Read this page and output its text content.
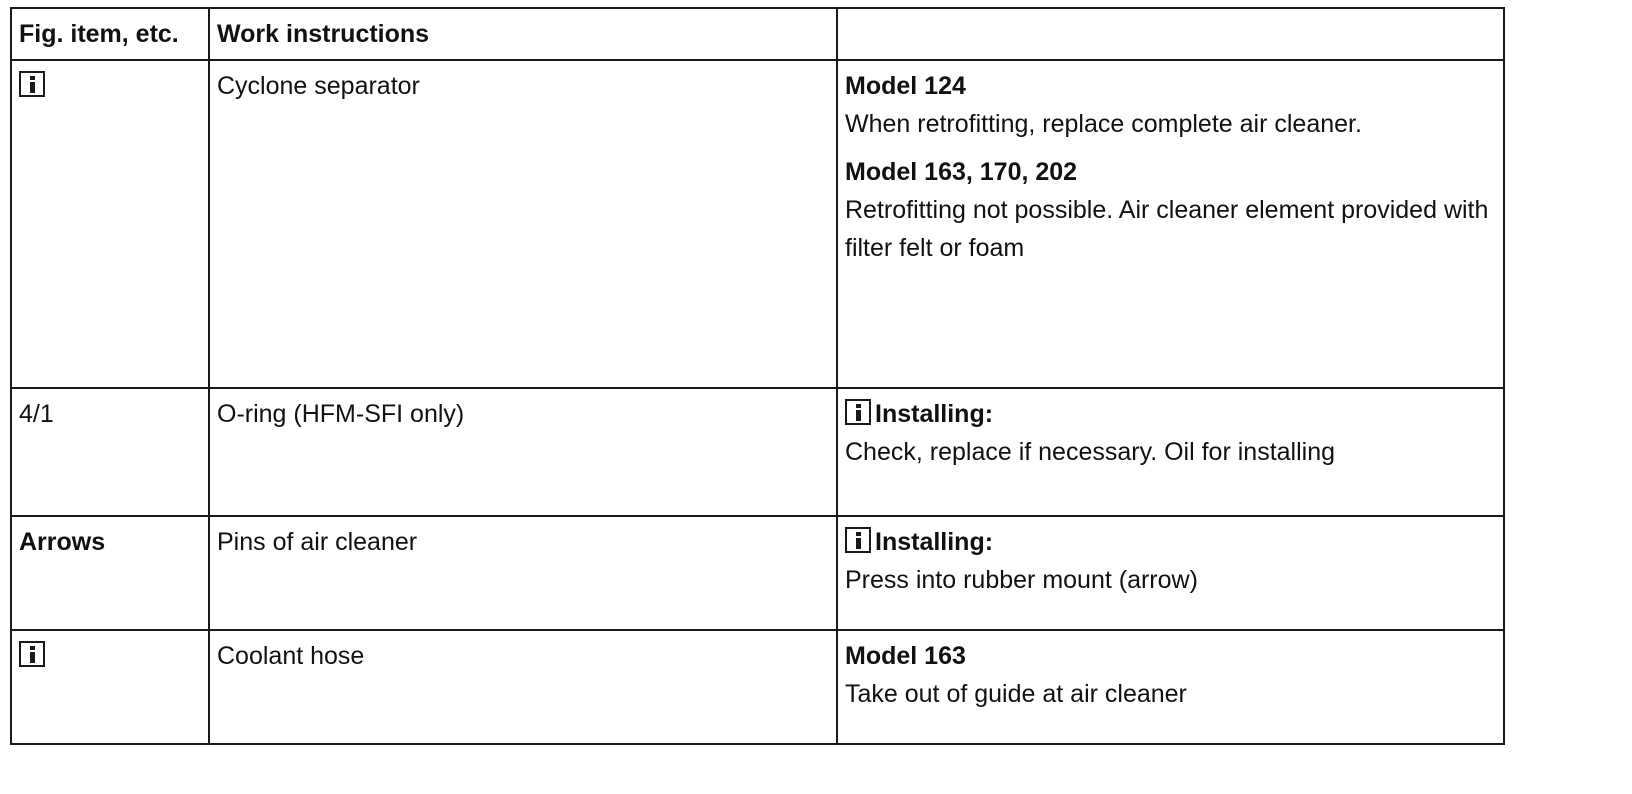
Fig. item, etc.	Work instructions	
	Cyclone separator	Model 124
When retrofitting, replace complete air cleaner.
Model 163, 170, 202
Retrofitting not possible. Air cleaner element provided with filter felt or foam

4/1	O-ring (HFM-SFI only)	Installing:
Check, replace if necessary. Oil for installing

Arrows	Pins of air cleaner	Installing:
Press into rubber mount (arrow)

	Coolant hose	Model 163
Take out of guide at air cleaner
